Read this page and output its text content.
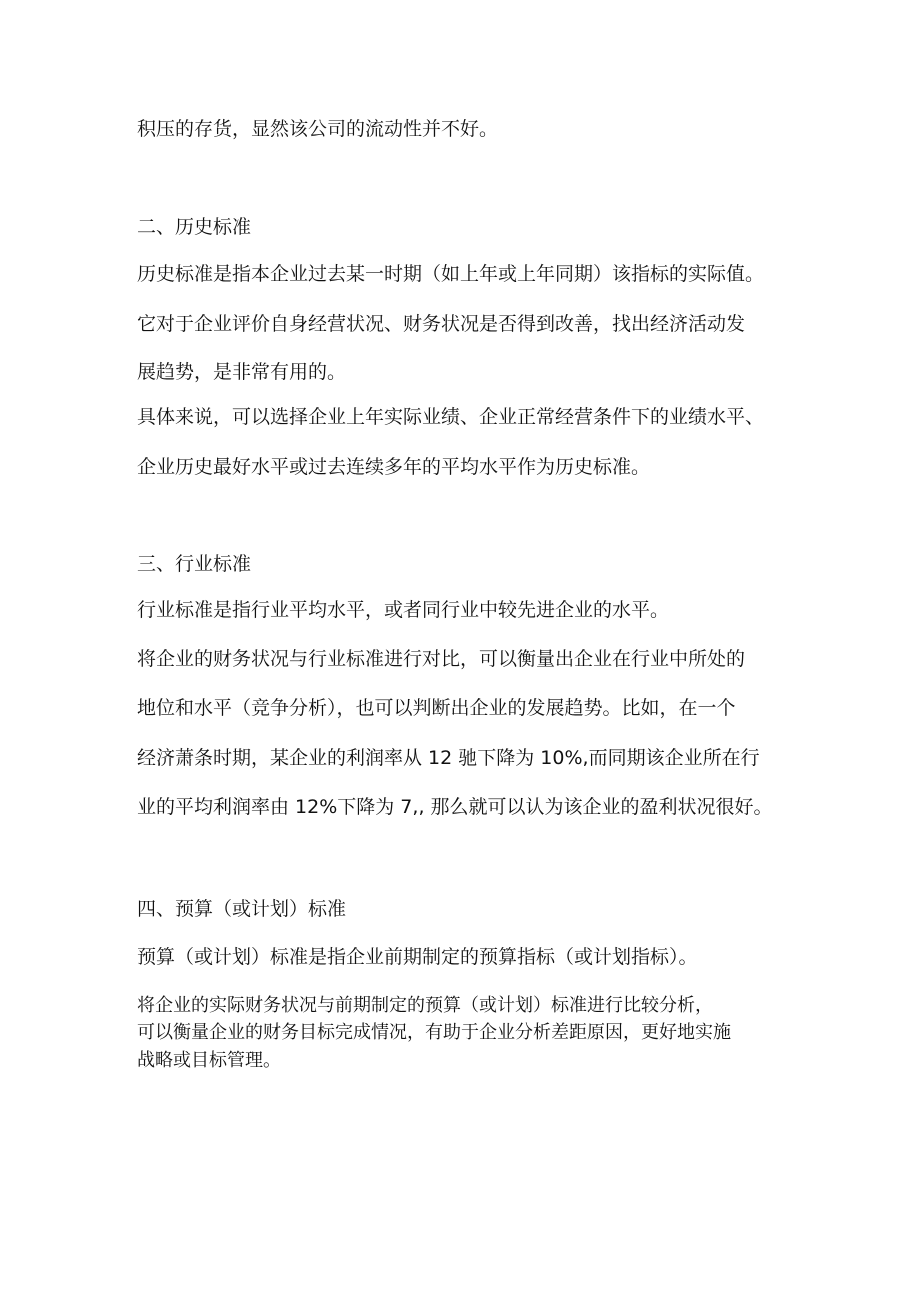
积压的存货，显然该公司的流动性并不好。
二、历史标准
历史标准是指本企业过去某一时期（如上年或上年同期）该指标的实际值。
它对于企业评价自身经营状况、财务状况是否得到改善，找出经济活动发
展趋势，是非常有用的。
具体来说，可以选择企业上年实际业绩、企业正常经营条件下的业绩水平、
企业历史最好水平或过去连续多年的平均水平作为历史标准。
三、行业标准
行业标准是指行业平均水平，或者同行业中较先进企业的水平。
将企业的财务状况与行业标准进行对比，可以衡量出企业在行业中所处的
地位和水平（竞争分析），也可以判断出企业的发展趋势。比如，在一个
经济萧条时期，某企业的利润率从 12 驰下降为 10%,而同期该企业所在行
业的平均利润率由 12%下降为 7,, 那么就可以认为该企业的盈利状况很好。
四、预算（或计划）标准
预算（或计划）标准是指企业前期制定的预算指标（或计划指标）。
将企业的实际财务状况与前期制定的预算（或计划）标准进行比较分析，
可以衡量企业的财务目标完成情况，有助于企业分析差距原因，更好地实施
战略或目标管理。
